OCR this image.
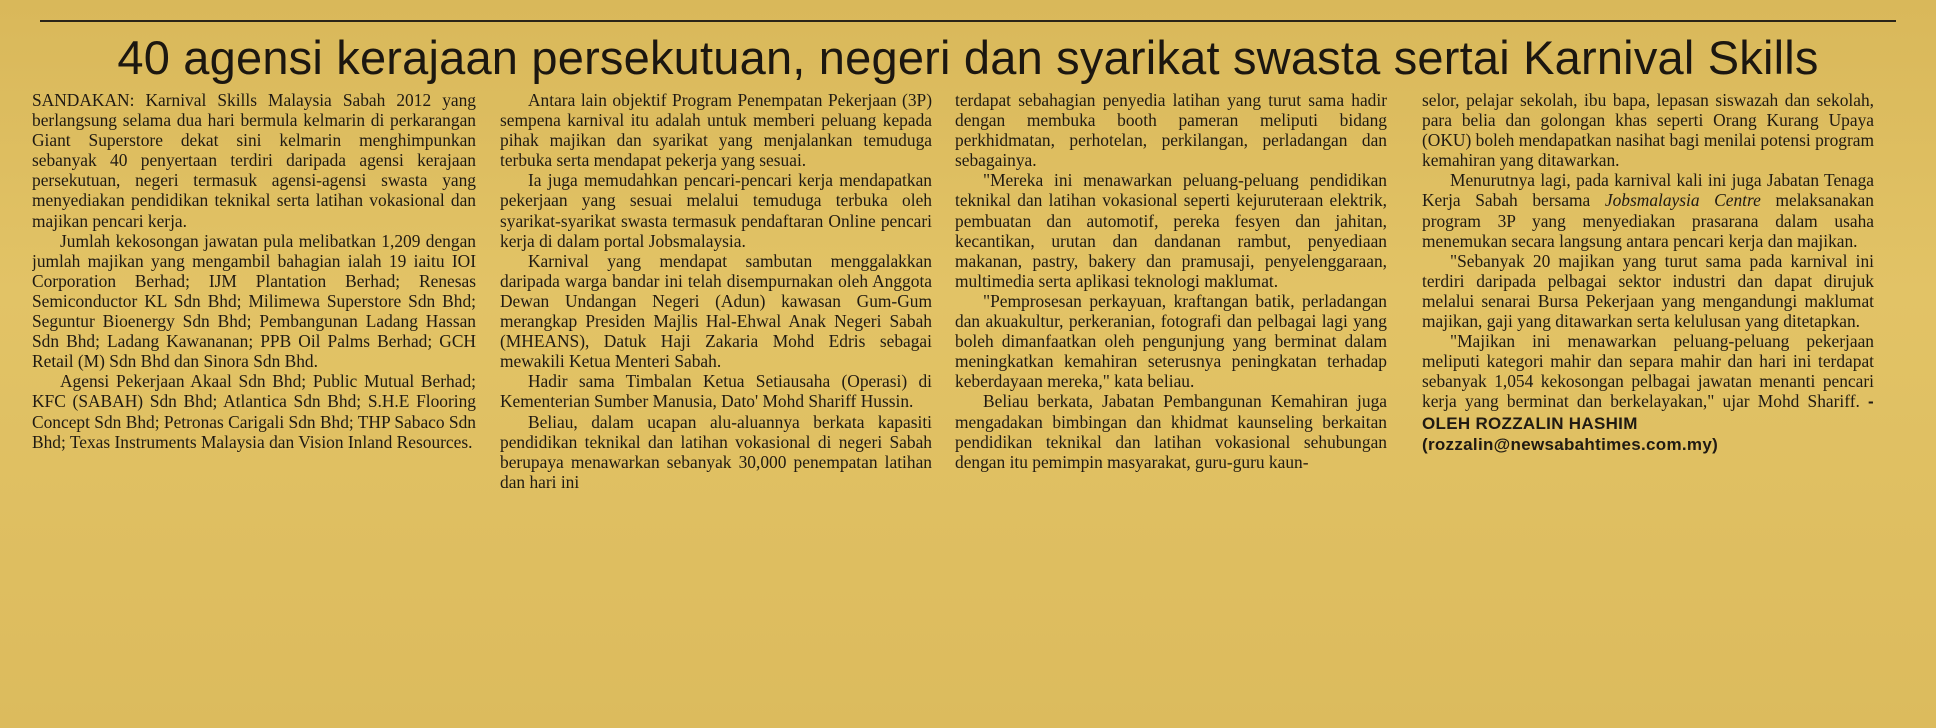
40 agensi kerajaan persekutuan, negeri dan syarikat swasta sertai Karnival Skills

SANDAKAN: Karnival Skills Malaysia Sabah 2012 yang berlangsung selama dua hari bermula kelmarin di perkarangan Giant Superstore dekat sini kelmarin menghimpunkan sebanyak 40 penyertaan terdiri daripada agensi kerajaan persekutuan, negeri termasuk agensi-agensi swasta yang menyediakan pendidikan teknikal serta latihan vokasional dan majikan pencari kerja.

Jumlah kekosongan jawatan pula melibatkan 1,209 dengan jumlah majikan yang mengambil bahagian ialah 19 iaitu IOI Corporation Berhad; IJM Plantation Berhad; Renesas Semiconductor KL Sdn Bhd; Milimewa Superstore Sdn Bhd; Seguntur Bioenergy Sdn Bhd; Pembangunan Ladang Hassan Sdn Bhd; Ladang Kawananan; PPB Oil Palms Berhad; GCH Retail (M) Sdn Bhd dan Sinora Sdn Bhd.

Agensi Pekerjaan Akaal Sdn Bhd; Public Mutual Berhad; KFC (SABAH) Sdn Bhd; Atlantica Sdn Bhd; S.H.E Flooring Concept Sdn Bhd; Petronas Carigali Sdn Bhd; THP Sabaco Sdn Bhd; Texas Instruments Malaysia dan Vision Inland Resources.

Antara lain objektif Program Penempatan Pekerjaan (3P) sempena karnival itu adalah untuk memberi peluang kepada pihak majikan dan syarikat yang menjalankan temuduga terbuka serta mendapat pekerja yang sesuai.

Ia juga memudahkan pencari-pencari kerja mendapatkan pekerjaan yang sesuai melalui temuduga terbuka oleh syarikat-syarikat swasta termasuk pendaftaran Online pencari kerja di dalam portal Jobsmalaysia.

Karnival yang mendapat sambutan menggalakkan daripada warga bandar ini telah disempurnakan oleh Anggota Dewan Undangan Negeri (Adun) kawasan Gum-Gum merangkap Presiden Majlis Hal-Ehwal Anak Negeri Sabah (MHEANS), Datuk Haji Zakaria Mohd Edris sebagai mewakili Ketua Menteri Sabah.

Hadir sama Timbalan Ketua Setiausaha (Operasi) di Kementerian Sumber Manusia, Dato' Mohd Shariff Hussin.

Beliau, dalam ucapan alu-aluannya berkata kapasiti pendidikan teknikal dan latihan vokasional di negeri Sabah berupaya menawarkan sebanyak 30,000 penempatan latihan dan hari ini

terdapat sebahagian penyedia latihan yang turut sama hadir dengan membuka booth pameran meliputi bidang perkhidmatan, perhotelan, perkilangan, perladangan dan sebagainya.

"Mereka ini menawarkan peluang-peluang pendidikan teknikal dan latihan vokasional seperti kejuruteraan elektrik, pembuatan dan automotif, pereka fesyen dan jahitan, kecantikan, urutan dan dandanan rambut, penyediaan makanan, pastry, bakery dan pramusaji, penyelenggaraan, multimedia serta aplikasi teknologi maklumat.

"Pemprosesan perkayuan, kraftangan batik, perladangan dan akuakultur, perkeranian, fotografi dan pelbagai lagi yang boleh dimanfaatkan oleh pengunjung yang berminat dalam meningkatkan kemahiran seterusnya peningkatan terhadap keberdayaan mereka," kata beliau.

Beliau berkata, Jabatan Pembangunan Kemahiran juga mengadakan bimbingan dan khidmat kaunseling berkaitan pendidikan teknikal dan latihan vokasional sehubungan dengan itu pemimpin masyarakat, guru-guru kaun-

selor, pelajar sekolah, ibu bapa, lepasan siswazah dan sekolah, para belia dan golongan khas seperti Orang Kurang Upaya (OKU) boleh mendapatkan nasihat bagi menilai potensi program kemahiran yang ditawarkan.

Menurutnya lagi, pada karnival kali ini juga Jabatan Tenaga Kerja Sabah bersama Jobsmalaysia Centre melaksanakan program 3P yang menyediakan prasarana dalam usaha menemukan secara langsung antara pencari kerja dan majikan.

"Sebanyak 20 majikan yang turut sama pada karnival ini terdiri daripada pelbagai sektor industri dan dapat dirujuk melalui senarai Bursa Pekerjaan yang mengandungi maklumat majikan, gaji yang ditawarkan serta kelulusan yang ditetapkan.

"Majikan ini menawarkan peluang-peluang pekerjaan meliputi kategori mahir dan separa mahir dan hari ini terdapat sebanyak 1,054 kekosongan pelbagai jawatan menanti pencari kerja yang berminat dan berkelayakan," ujar Mohd Shariff. -OLEH ROZZALIN HASHIM

(rozzalin@newsabahtimes.com.my)
